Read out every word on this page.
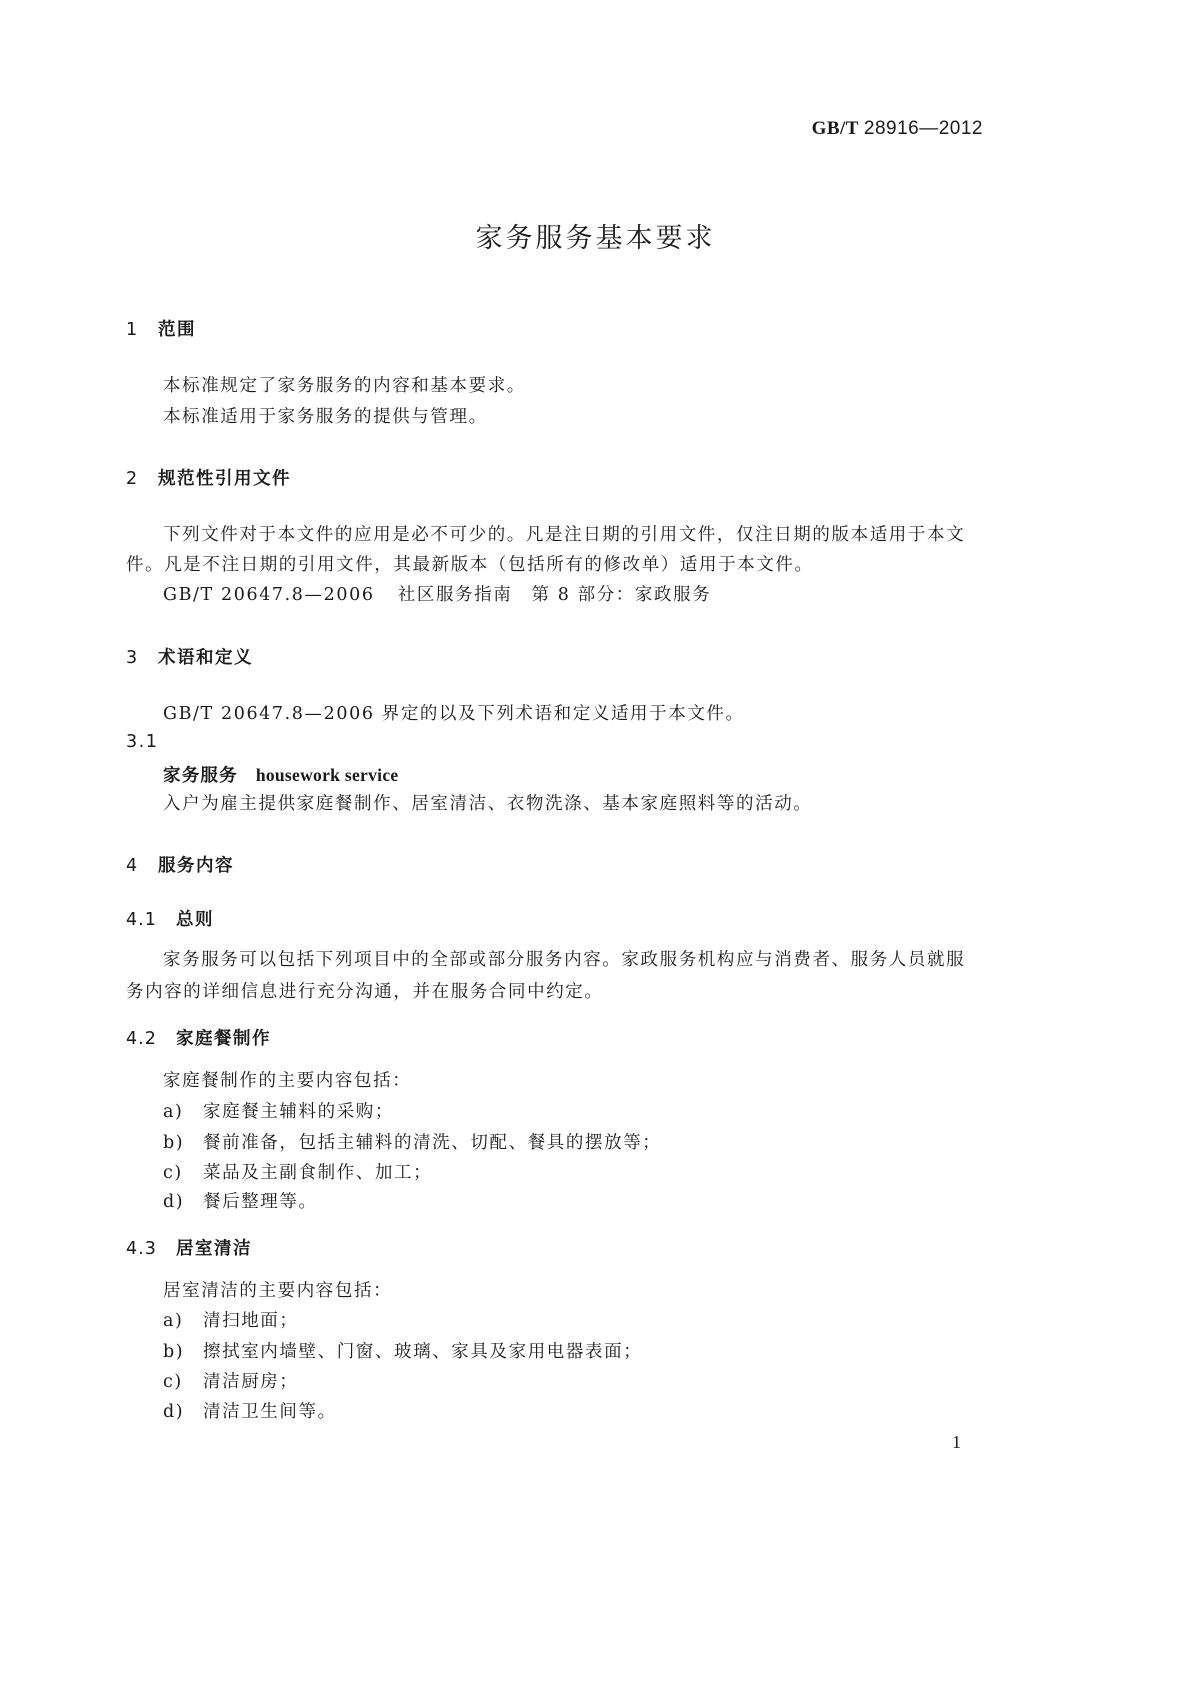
GB/T 28916—2012
家务服务基本要求
1 范围
本标准规定了家务服务的内容和基本要求。
本标准适用于家务服务的提供与管理。
2 规范性引用文件
下列文件对于本文件的应用是必不可少的。凡是注日期的引用文件，仅注日期的版本适用于本文
件。凡是不注日期的引用文件，其最新版本（包括所有的修改单）适用于本文件。
GB/T 20647.8—2006 社区服务指南　第 8 部分：家政服务
3 术语和定义
GB/T 20647.8—2006 界定的以及下列术语和定义适用于本文件。
3.1
家务服务 housework service
入户为雇主提供家庭餐制作、居室清洁、衣物洗涤、基本家庭照料等的活动。
4 服务内容
4.1 总则
家务服务可以包括下列项目中的全部或部分服务内容。家政服务机构应与消费者、服务人员就服
务内容的详细信息进行充分沟通，并在服务合同中约定。
4.2 家庭餐制作
家庭餐制作的主要内容包括：
a) 家庭餐主辅料的采购；
b) 餐前准备，包括主辅料的清洗、切配、餐具的摆放等；
c) 菜品及主副食制作、加工；
d) 餐后整理等。
4.3 居室清洁
居室清洁的主要内容包括：
a) 清扫地面；
b) 擦拭室内墙壁、门窗、玻璃、家具及家用电器表面；
c) 清洁厨房；
d) 清洁卫生间等。
1
